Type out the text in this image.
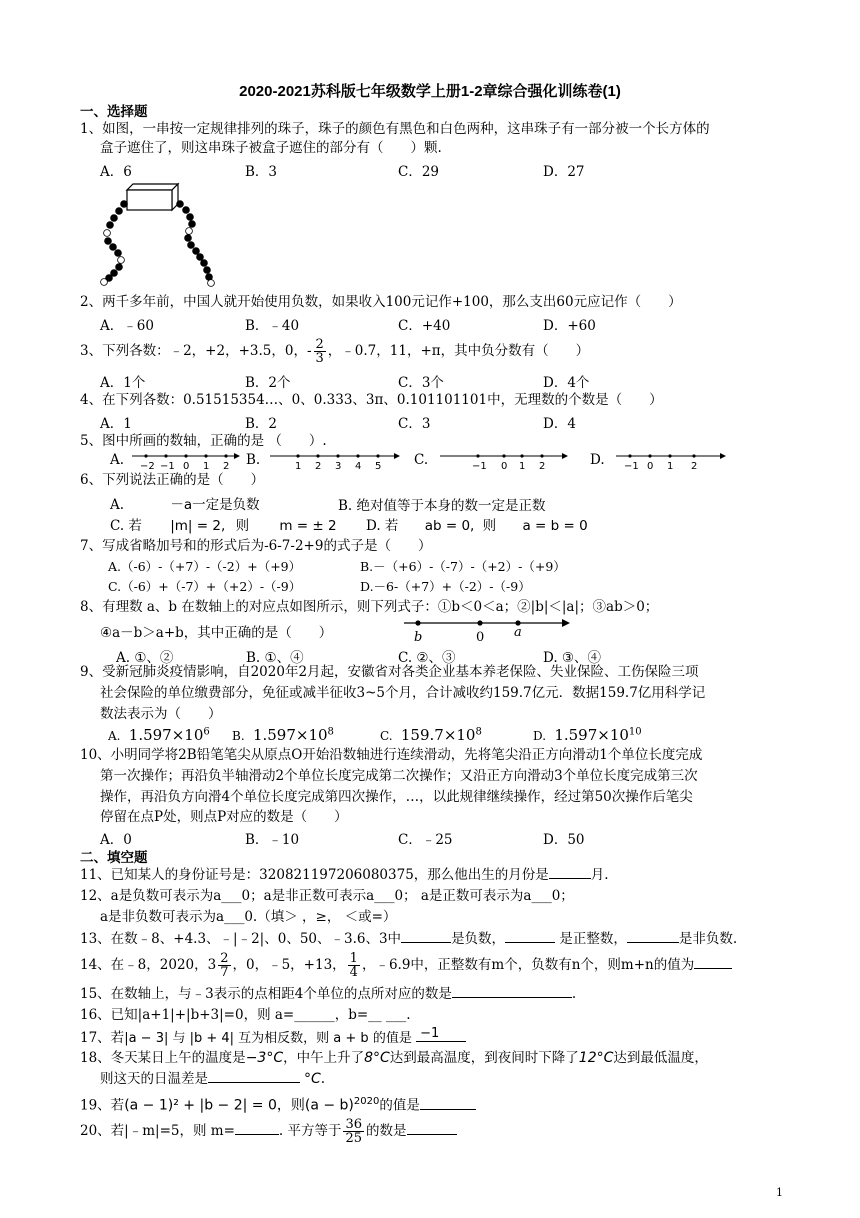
2020-2021苏科版七年级数学上册1-2章综合强化训练卷(1)
一、选择题
1、如图，一串按一定规律排列的珠子，珠子的颜色有黑色和白色两种，这串珠子有一部分被一个长方体的
盒子遮住了，则这串珠子被盒子遮住的部分有（　　）颗.
A．6	B．3	C．29	D．27
2、两千多年前，中国人就开始使用负数，如果收入100元记作+100，那么支出60元应记作（　　）
A．﹣60	B．﹣40	C．+40	D．+60
3、下列各数：﹣2，+2，+3.5，0，- $\frac{2}{3}$ ，﹣0.7，11，+π，其中负分数有（　　）
A．1个	B．2个	C．3个	D．4个
4、在下列各数：0.51515354…、0、0.333、3π、0.101101101中，无理数的个数是（　　）
A．1	B．2	C．3	D．4
5、图中所画的数轴，正确的是 （　　）.
A.	B.	C.	D.
−2 −1 0 1 2	1 2 3 4 5	−1 0 1 2	−1 0 1 2
6、下列说法正确的是（　　）
A.	－a一定是负数	B. 绝对值等于本身的数一定是正数
C. 若 |m| = 2, 则 m = ± 2 D. 若 ab = 0, 则 a = b = 0
7、写成省略加号和的形式后为-6-7-2+9的式子是（　　）
A.（-6）-（+7）-（-2）+（+9）	B.－（+6）-（-7）-（+2）-（+9）
C.（-6）+（-7）+（+2）-（-9）	D.－6-（+7）+（-2）-（-9）
8、有理数 a、b 在数轴上的对应点如图所示，则下列式子：①b＜0＜a；②|b|＜|a|；③ab＞0；
④a－b＞a+b，其中正确的是（　　）	b	0 a
A. ①、②	B. ①、④	C. ②、③	D. ③、④
9、受新冠肺炎疫情影响，自2020年2月起，安徽省对各类企业基本养老保险、失业保险、工伤保险三项
社会保险的单位缴费部分，免征或减半征收3~5个月，合计减收约159.7亿元．数据159.7亿用科学记
数法表示为（　　）
A. $1.597\times 10^6$ B. $1.597\times 10^8$	C. $159.7\times 10^8$	D. $1.597\times 10^{10}$
10、小明同学将2B铅笔笔尖从原点O开始沿数轴进行连续滑动，先将笔尖沿正方向滑动1个单位长度完成
第一次操作；再沿负半轴滑动2个单位长度完成第二次操作；又沿正方向滑动3个单位长度完成第三次
操作，再沿负方向滑4个单位长度完成第四次操作，…，以此规律继续操作，经过第50次操作后笔尖
停留在点P处，则点P对应的数是（　　）
A．0	B．﹣10	C．﹣25	D．50
二、填空题
11、已知某人的身份证号是：320821197206080375，那么他出生的月份是	月.
12、a是负数可表示为a___0；a是非正数可表示a___0； a是正数可表示为a___0；
a是非负数可表示为a___0.（填＞ ，≥， ＜或=）
13、在数﹣8、+4.3、﹣|﹣2|、0、50、﹣3.6、3中	是负数，	是正整数，	是非负数.
14、在﹣8，2020，$3 \frac{2}{7}$ ，0，﹣5，+13， $\frac{1}{4}$ ，﹣6.9中，正整数有m个，负数有n个，则m+n的值为
15、在数轴上，与﹣3表示的点相距4个单位的点所对应的数是	.
16、已知|a+1|+|b+3|=0，则 a=______，b=__ ___.
17、若|a − 3| 与 |b + 4| 互为相反数，则 a + b 的值是 −1
18、冬天某日上午的温度是−3°C，中午上升了8°C达到最高温度，到夜间时下降了12°C达到最低温度，
则这天的日温差是	°C.
19、若(a − 1)² + |b − 2| = 0，则$(a - b)^{2020}$的值是
20、若|﹣m|=5，则 m=	. 平方等于 $\frac{36}{25}$ 的数是
1
